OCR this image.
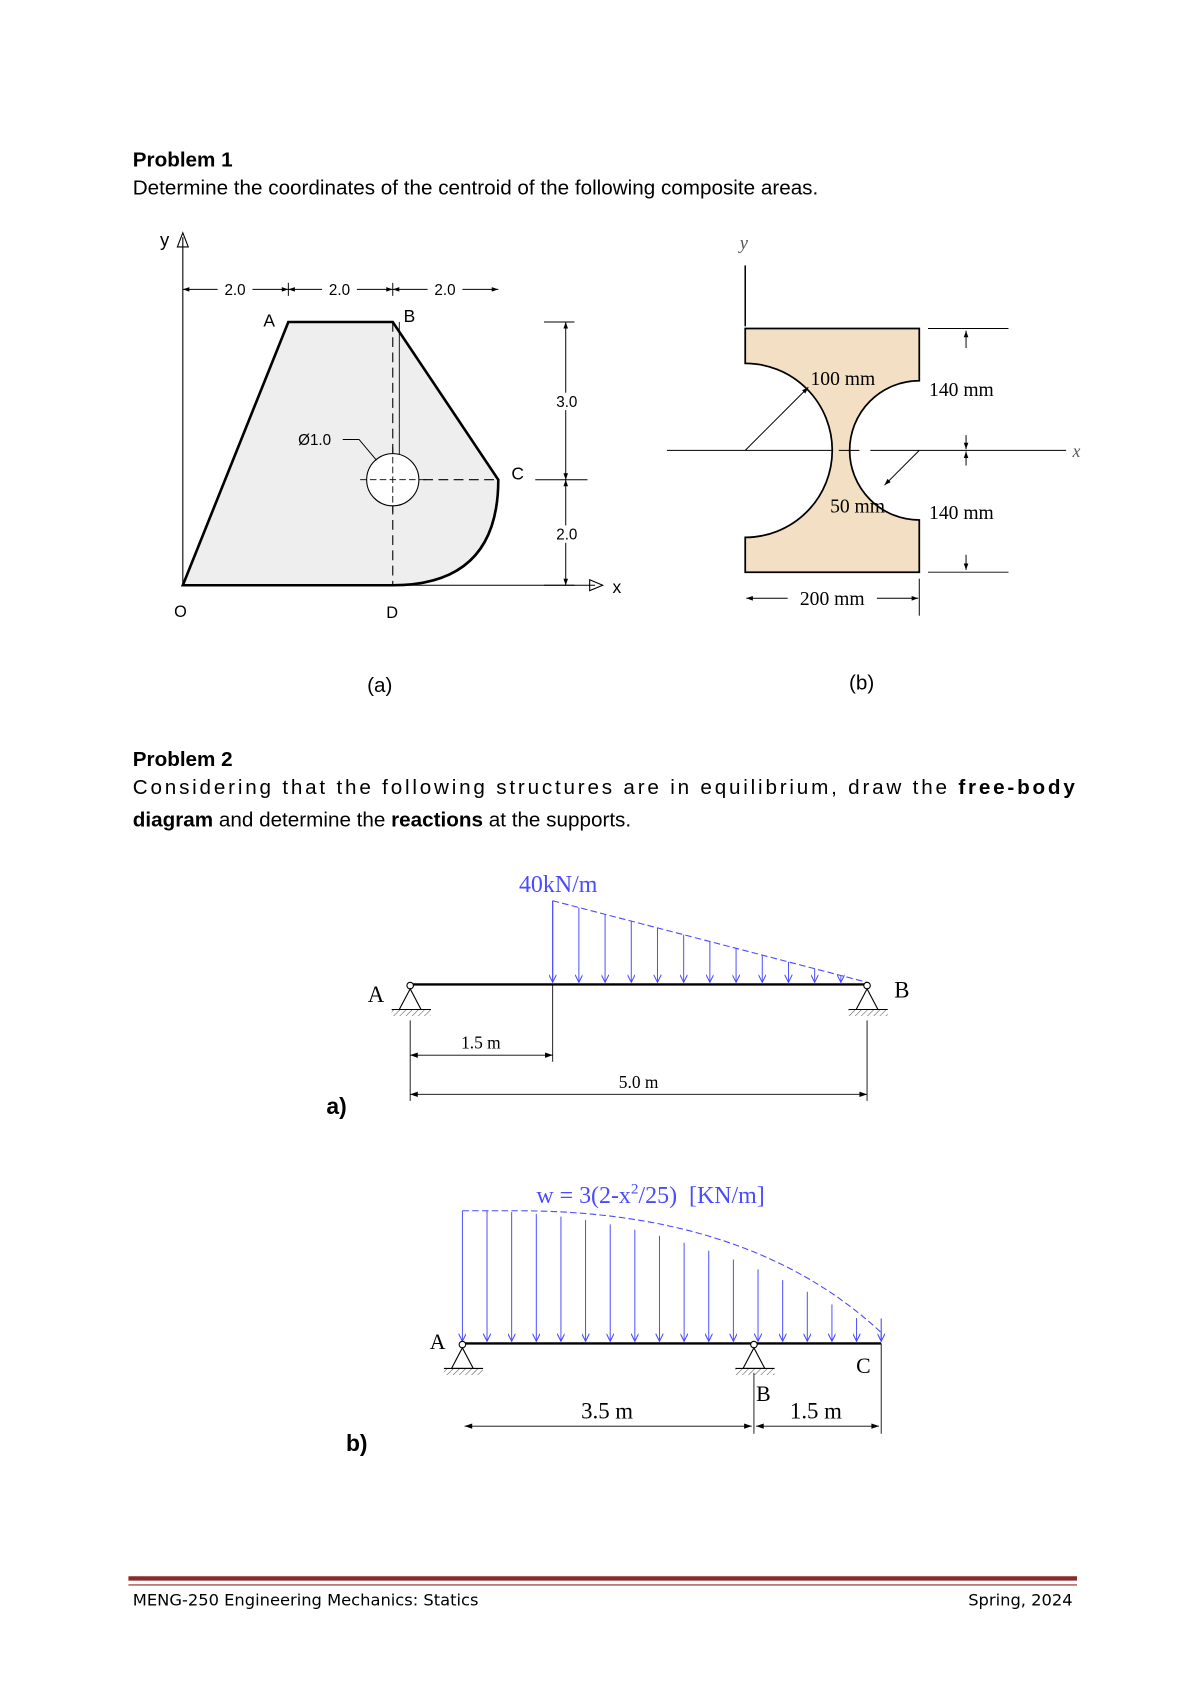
Problem 1
Determine the coordinates of the centroid of the following composite areas.
y
x
Ø1.0
O
A	B
C
D
2.0	2.0	2.0
3.0
2.0
(a)
y
x
100 mm
50 mm
140 mm
140 mm
200 mm
(b)
Problem 2
Considering that the following structures are in equilibrium, draw the free-body
diagram and determine the reactions at the supports.
40kN/m
A	B
1.5 m
5.0 m
a)
$w = 3(2-x^2/25)$  [KN/m]
A
B
C
3.5 m	1.5 m
b)
MENG-250 Engineering Mechanics: Statics	Spring, 2024
